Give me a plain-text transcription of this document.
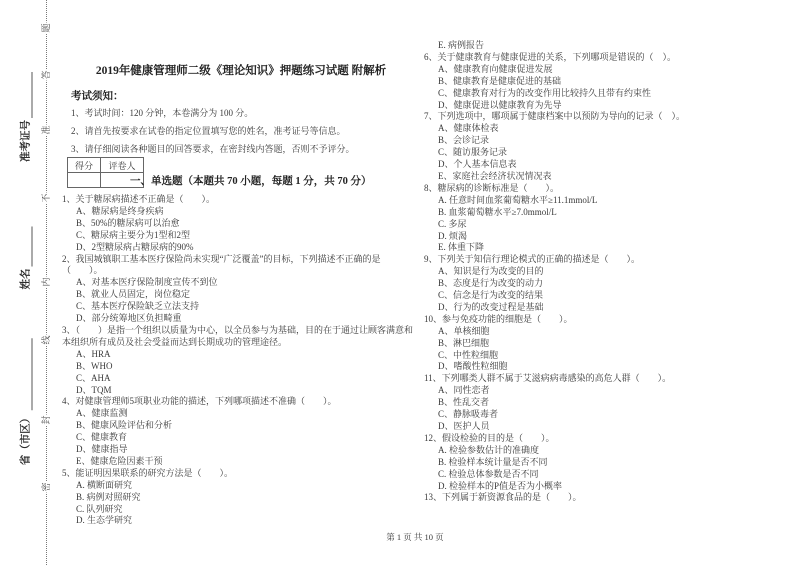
题
答
准
不
内
线
封
密
准考证号
姓名
省（市区）
2019年健康管理师二级《理论知识》押题练习试题 附解析
考试须知：
1、考试时间：120 分钟，本卷满分为 100 分。
2、请首先按要求在试卷的指定位置填写您的姓名，准考证号等信息。
3、请仔细阅读各种题目的回答要求，在密封线内答题，否则不予评分。
得分	评卷人

一、单选题（本题共 70 小题，每题 1 分，共 70 分）
1、关于糖尿病描述不正确是（　　）。
A、糖尿病是终身疾病
B、50%的糖尿病可以治愈
C、糖尿病主要分为1型和2型
D、2型糖尿病占糖尿病的90%
2、我国城镇职工基本医疗保险尚未实现“广泛覆盖”的目标，下列描述不正确的是（　　）。
A、对基本医疗保险制度宣传不到位
B、就业人员固定，岗位稳定
C、基本医疗保险缺乏立法支持
D、部分统筹地区负担畸重
3、（　　）是指一个组织以质量为中心，以全员参与为基础，目的在于通过让顾客满意和本组织所有成员及社会受益而达到长期成功的管理途径。
A、HRA
B、WHO
C、AHA
D、TQM
4、对健康管理师5项职业功能的描述，下列哪项描述不准确（　　）。
A、健康监测
B、健康风险评估和分析
C、健康教育
D、健康指导
E、健康危险因素干预
5、能证明因果联系的研究方法是（　　）。
A. 横断面研究
B. 病例对照研究
C. 队列研究
D. 生态学研究
E. 病例报告
6、关于健康教育与健康促进的关系，下列哪项是错误的（　）。
A、健康教育向健康促进发展
B、健康教育是健康促进的基础
C、健康教育对行为的改变作用比较持久且带有约束性
D、健康促进以健康教育为先导
7、下列选项中，哪项属于健康档案中以预防为导向的记录（　）。
A、健康体检表
B、会诊记录
C、随访服务记录
D、个人基本信息表
E、家庭社会经济状况情况表
8、糖尿病的诊断标准是（　　）。
A. 任意时间血浆葡萄糖水平≥11.1mmol/L
B. 血浆葡萄糖水平≥7.0mmol/L
C. 多尿
D. 烦渴
E. 体重下降
9、下列关于知信行理论模式的正确的描述是（　　）。
A、知识是行为改变的目的
B、态度是行为改变的动力
C、信念是行为改变的结果
D、行为的改变过程是基础
10、参与免疫功能的细胞是（　　）。
A、单核细胞
B、淋巴细胞
C、中性粒细胞
D、嗜酸性粒细胞
11、下列哪类人群不属于艾滋病病毒感染的高危人群（　　）。
A、同性恋者
B、性乱交者
C、静脉吸毒者
D、医护人员
12、假设检验的目的是（　　）。
A. 检验参数估计的准确度
B. 检验样本统计量是否不同
C. 检验总体参数是否不同
D. 检验样本的P值是否为小概率
13、下列属于新资源食品的是（　　）。
第 1 页 共 10 页
